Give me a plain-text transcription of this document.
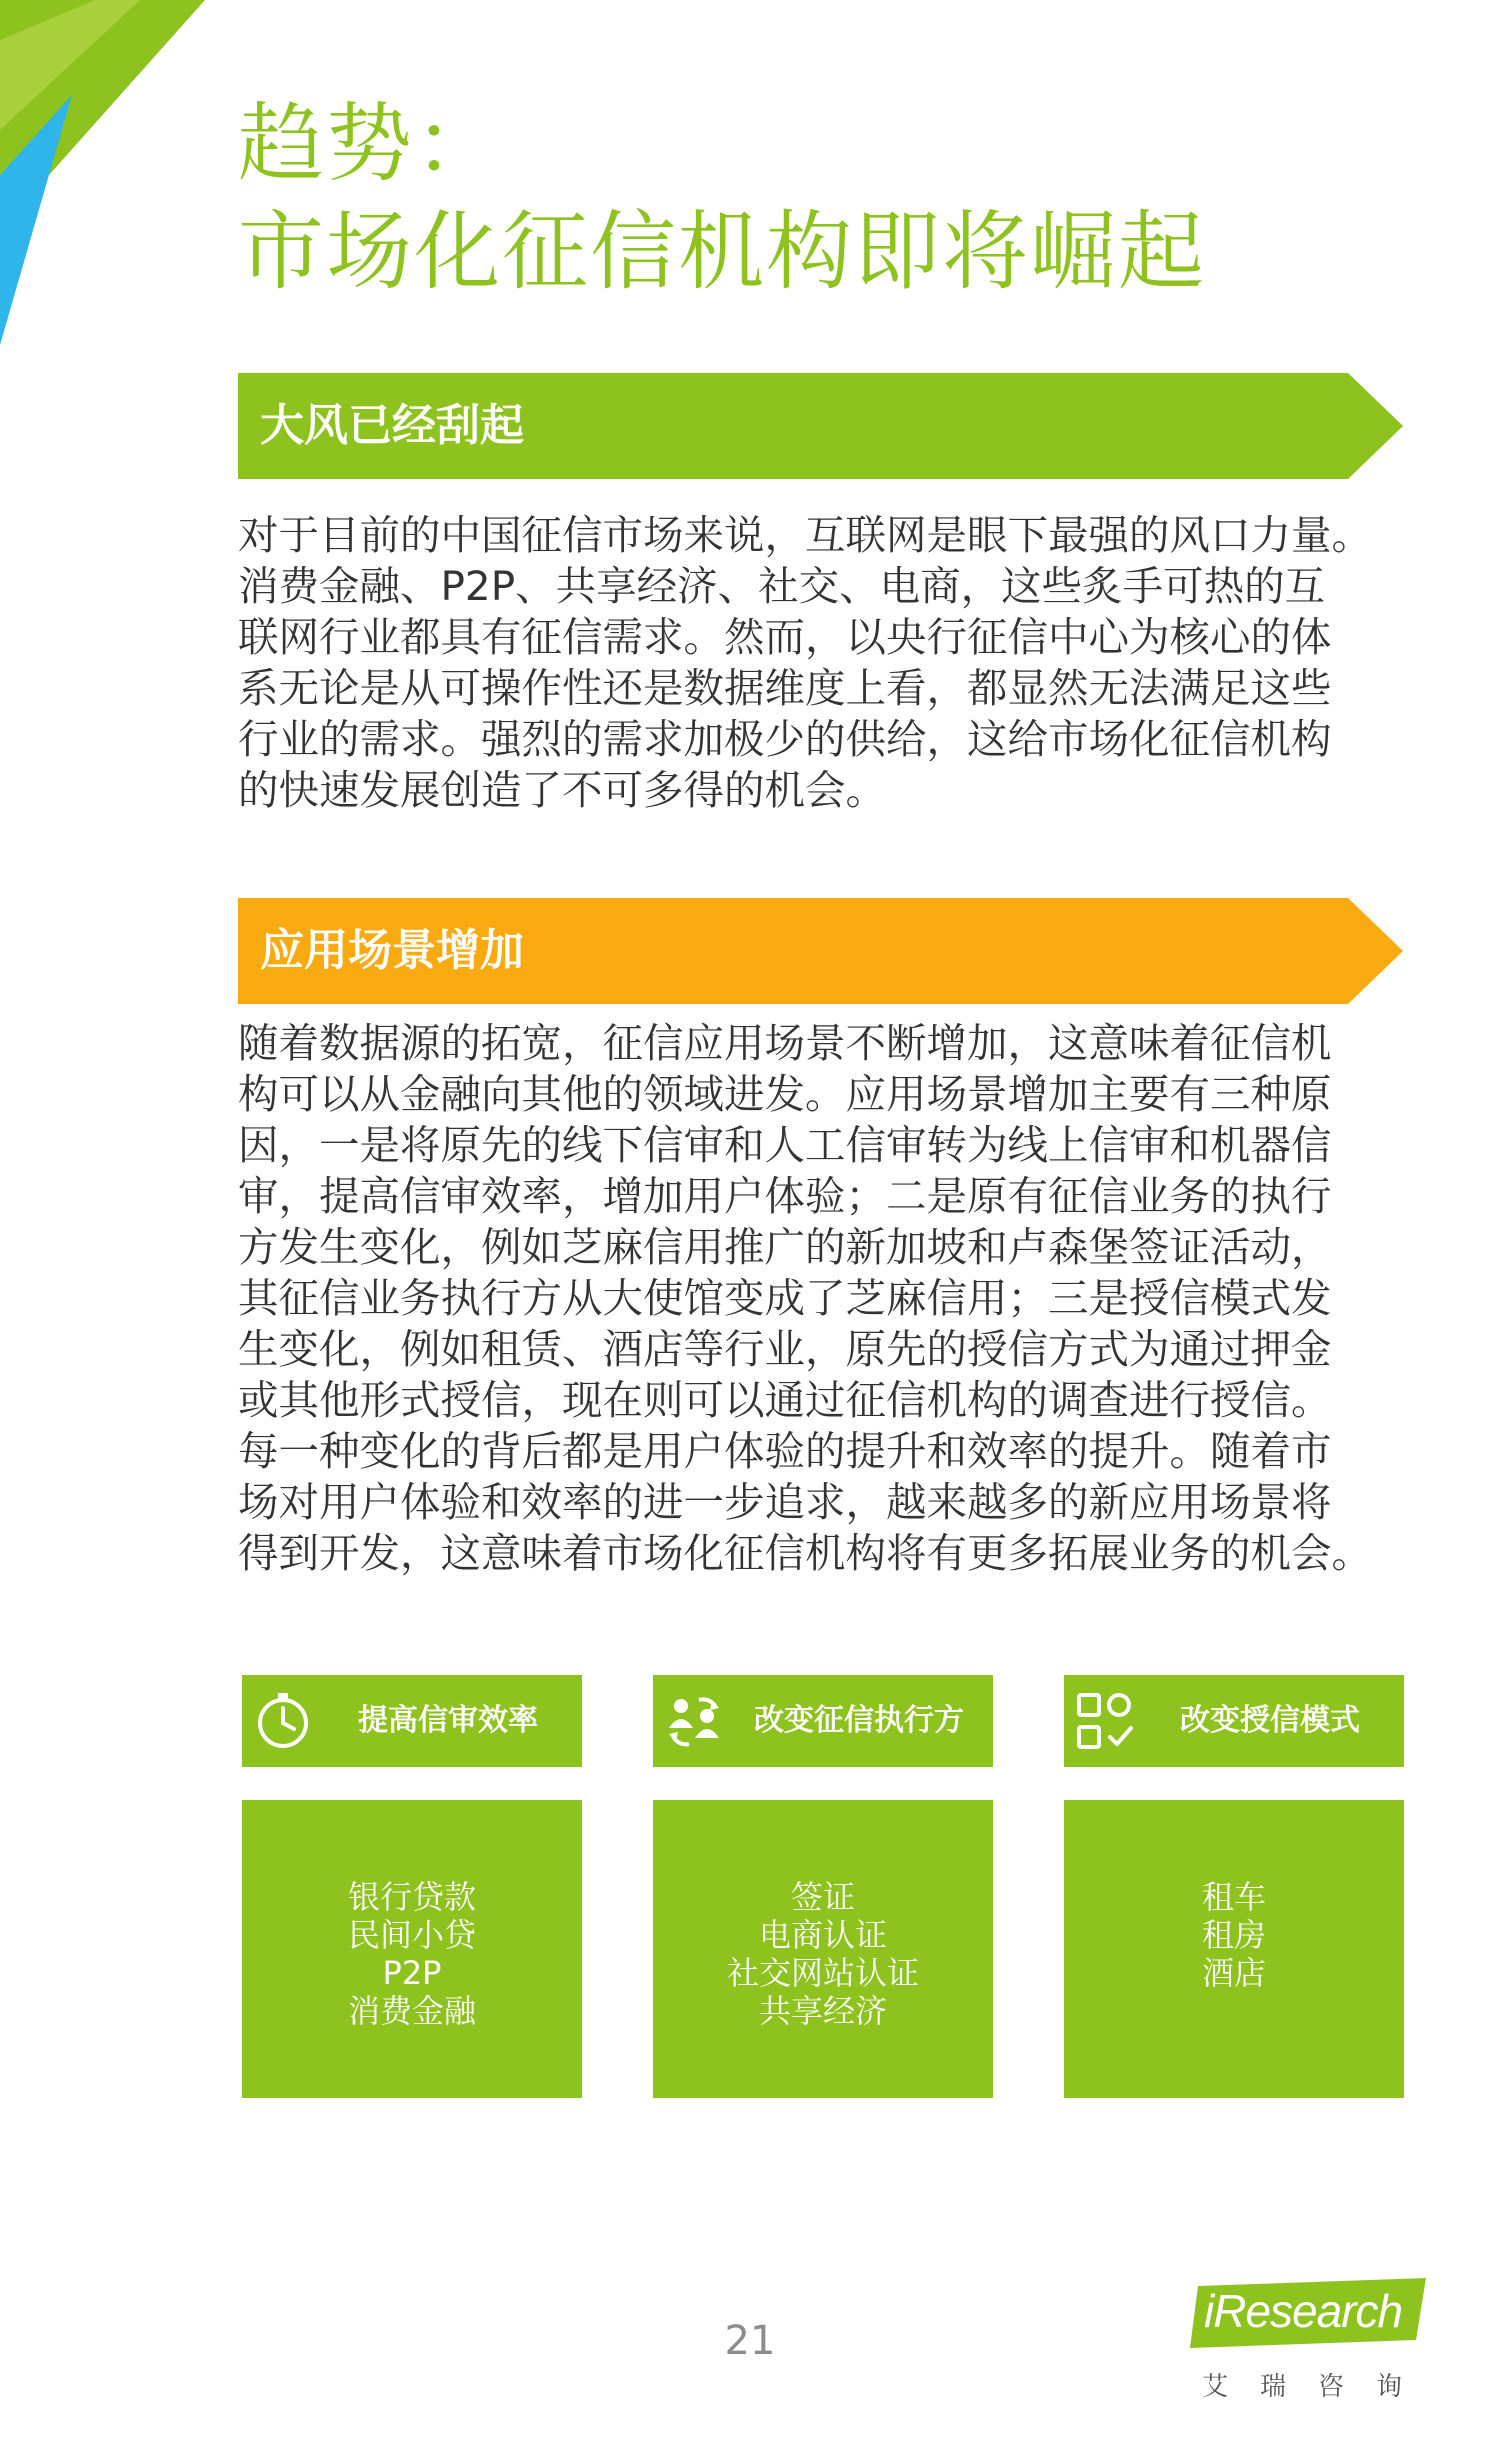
趋势：
市场化征信机构即将崛起
大风已经刮起
对于目前的中国征信市场来说，互联网是眼下最强的风口力量。
消费金融、P2P、共享经济、社交、电商，这些炙手可热的互
联网行业都具有征信需求。然而，以央行征信中心为核心的体
系无论是从可操作性还是数据维度上看，都显然无法满足这些
行业的需求。强烈的需求加极少的供给，这给市场化征信机构
的快速发展创造了不可多得的机会。
应用场景增加
随着数据源的拓宽，征信应用场景不断增加，这意味着征信机
构可以从金融向其他的领域进发。应用场景增加主要有三种原
因，一是将原先的线下信审和人工信审转为线上信审和机器信
审，提高信审效率，增加用户体验；二是原有征信业务的执行
方发生变化，例如芝麻信用推广的新加坡和卢森堡签证活动，
其征信业务执行方从大使馆变成了芝麻信用；三是授信模式发
生变化，例如租赁、酒店等行业，原先的授信方式为通过押金
或其他形式授信，现在则可以通过征信机构的调查进行授信。
每一种变化的背后都是用户体验的提升和效率的提升。随着市
场对用户体验和效率的进一步追求，越来越多的新应用场景将
得到开发，这意味着市场化征信机构将有更多拓展业务的机会。
提高信审效率	改变征信执行方	改变授信模式
银行贷款
民间小贷
P2P
消费金融
签证
电商认证
社交网站认证
共享经济
租车
租房
酒店
21
iResearch
艾瑞咨询
